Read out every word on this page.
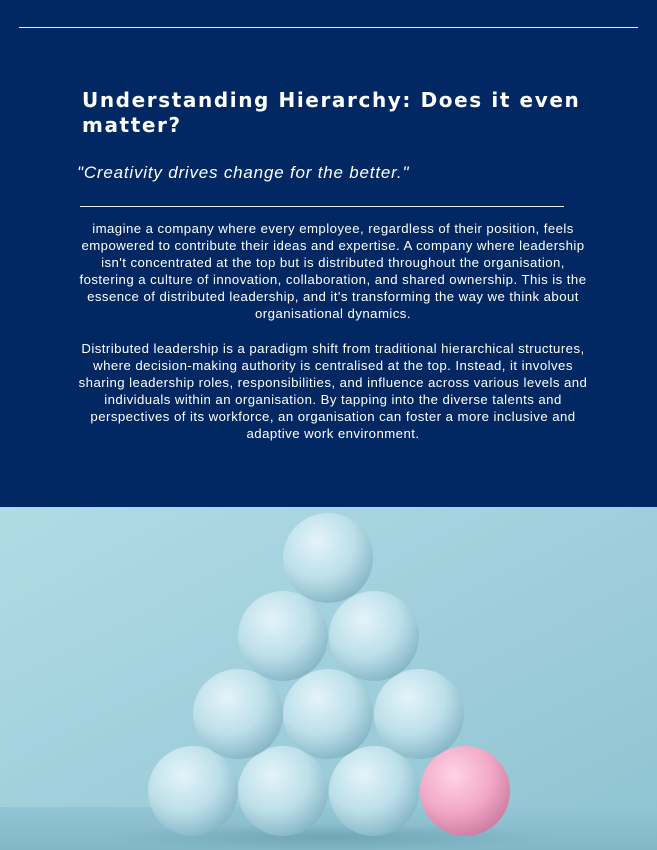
Understanding Hierarchy: Does it even matter?

"Creativity drives change for the better."

imagine a company where every employee, regardless of their position, feels empowered to contribute their ideas and expertise. A company where leadership isn't concentrated at the top but is distributed throughout the organisation, fostering a culture of innovation, collaboration, and shared ownership. This is the essence of distributed leadership, and it's transforming the way we think about organisational dynamics.

Distributed leadership is a paradigm shift from traditional hierarchical structures, where decision-making authority is centralised at the top. Instead, it involves sharing leadership roles, responsibilities, and influence across various levels and individuals within an organisation. By tapping into the diverse talents and perspectives of its workforce, an organisation can foster a more inclusive and adaptive work environment.
